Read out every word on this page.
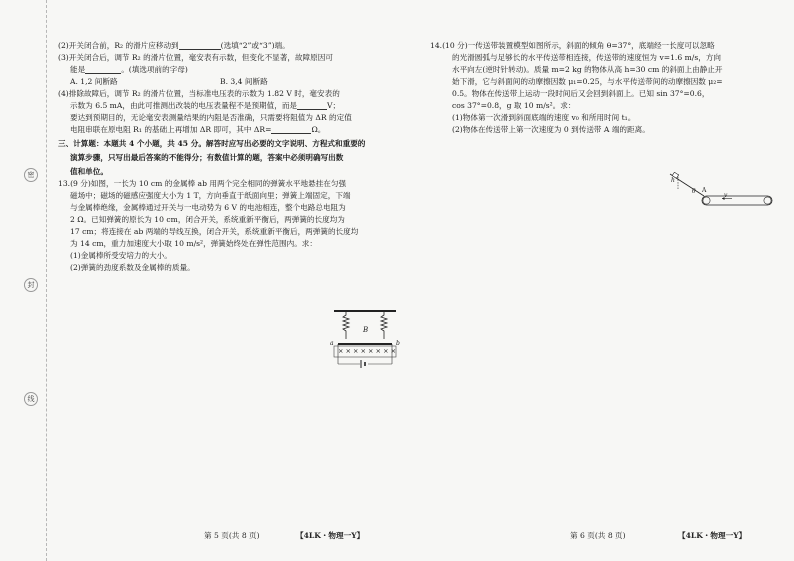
密
封
线

(2)开关闭合前，R₂ 的滑片应移动到	(选填“2”或“3”)端。

(3)开关闭合后，调节 R₂ 的滑片位置，毫安表有示数，但变化不显著，故障原因可

能是	。(填选项前的字母)

A. 1,2 间断路	B. 3,4 间断路

(4)排除故障后，调节 R₂ 的滑片位置，当标准电压表的示数为 1.82 V 时，毫安表的

示数为 6.5 mA，由此可推测出改装的电压表量程不是预期值，而是	V；

要达到预期目的，无论毫安表测量结果的内阻是否准确，只需要将阻值为 ΔR 的定值

电阻串联在原电阻 R₁ 的基础上再增加 ΔR 即可，其中 ΔR=	Ω。

三、计算题：本题共 4 个小题，共 45 分。解答时应写出必要的文字说明、方程式和重要的

演算步骤，只写出最后答案的不能得分；有数值计算的题，答案中必须明确写出数

值和单位。

13.(9 分)如图，一长为 10 cm 的金属棒 ab 用两个完全相同的弹簧水平地悬挂在匀强

磁场中；磁场的磁感应强度大小为 1 T，方向垂直于纸面向里；弹簧上端固定，下端

与金属棒绝缘，金属棒通过开关与一电动势为 6 V 的电池相连，整个电路总电阻为

2 Ω。已知弹簧的原长为 10 cm，闭合开关，系统重新平衡后，两弹簧的长度均为

17 cm；将连接在 ab 两端的导线互换，闭合开关，系统重新平衡后，两弹簧的长度均

为 14 cm，重力加速度大小取 10 m/s²，弹簧始终处在弹性范围内。求：

(1)金属棒所受安培力的大小。

(2)弹簧的劲度系数及金属棒的质量。

B
a	b
× × × × × × × ×

14.(10 分)一传送带装置模型如图所示，斜面的倾角 θ=37°，底端经一长度可以忽略

的光滑圆弧与足够长的水平传送带相连接，传送带的速度恒为 v=1.6 m/s，方向

水平向左(逆时针转动)。质量 m=2 kg 的物体从高 h=30 cm 的斜面上由静止开

始下滑，它与斜面间的动摩擦因数 μ₁=0.25，与水平传送带间的动摩擦因数 μ₂=

0.5。物体在传送带上运动一段时间后又会回到斜面上。已知 sin 37°=0.6，

cos 37°=0.8，g 取 10 m/s²。求：

(1)物体第一次滑到斜面底端的速度 v₀ 和所用时间 t₁。

(2)物体在传送带上第一次速度为 0 到传送带 A 端的距离。

h
θ A
v
第 5 页(共 8 页)	【4LK・物理一Y】	第 6 页(共 8 页)	【4LK・物理一Y】
